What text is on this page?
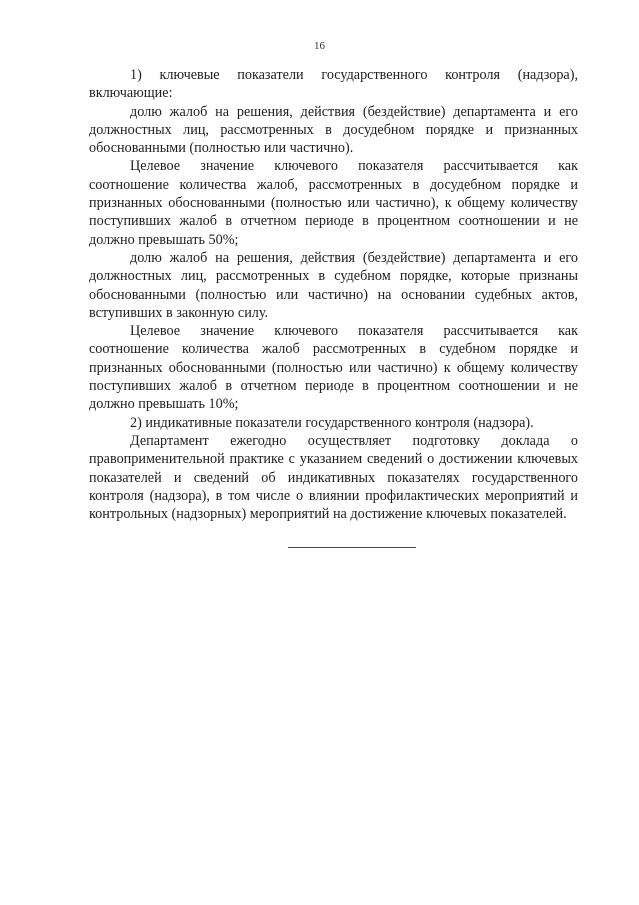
16

1) ключевые показатели государственного контроля (надзора), включающие:

долю жалоб на решения, действия (бездействие) департамента и его должностных лиц, рассмотренных в досудебном порядке и признанных обоснованными (полностью или частично).

Целевое значение ключевого показателя рассчитывается как соотношение количества жалоб, рассмотренных в досудебном порядке и признанных обоснованными (полностью или частично), к общему количеству поступивших жалоб в отчетном периоде в процентном соотношении и не должно превышать 50%;

долю жалоб на решения, действия (бездействие) департамента и его должностных лиц, рассмотренных в судебном порядке, которые признаны обоснованными (полностью или частично) на основании судебных актов, вступивших в законную силу.

Целевое значение ключевого показателя рассчитывается как соотношение количества жалоб рассмотренных в судебном порядке и признанных обоснованными (полностью или частично) к общему количеству поступивших жалоб в отчетном периоде в процентном соотношении и не должно превышать 10%;

2) индикативные показатели государственного контроля (надзора).

Департамент ежегодно осуществляет подготовку доклада о правоприменительной практике с указанием сведений о достижении ключевых показателей и сведений об индикативных показателях государственного контроля (надзора), в том числе о влиянии профилактических мероприятий и контрольных (надзорных) мероприятий на достижение ключевых показателей.
